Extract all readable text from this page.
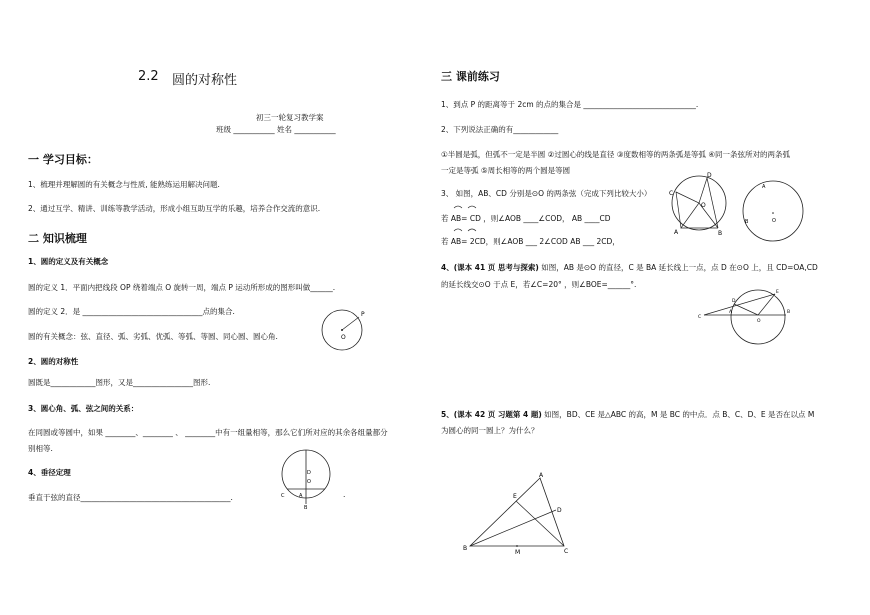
2.2 圆的对称性
初三一轮复习教学案
班级 ___________ 姓名 ___________
一 学习目标：
1、梳理并理解圆的有关概念与性质, 能熟练运用解决问题.
2、通过互学、精讲、训练等教学活动，形成小组互助互学的乐趣，培养合作交流的意识.
二 知识梳理
1、圆的定义及有关概念
圆的定义 1．平面内把线段 OP 绕着端点 O 旋转一周，端点 P 运动所形成的图形叫做______.
圆的定义 2．是 ________________________________点的集合.
圆的有关概念：弦、直径、弧、劣弧、优弧、等弧、等圆、同心圆、圆心角.
2、圆的对称性
圆既是____________图形，又是________________图形.
3、圆心角、弧、弦之间的关系：
在同圆或等圆中，如果 ________、________ 、 ________中有一组量相等，那么它们所对应的其余各组量都分
别相等.
4、垂径定理
垂直于弦的直径________________________________________.	.
P
O
D
C	A
B
O
三 课前练习
1、到点 P 的距离等于 2cm 的点的集合是 ______________________________.
2、下列说法正确的有____________
①半圆是弧，但弧不一定是半圆 ②过圆心的线是直径 ③度数相等的两条弧是等弧 ④同一条弦所对的两条弧
一定是等弧 ⑤周长相等的两个圆是等圆
3、 如图，AB、CD 分别是⊙O 的两条弦（完成下列比较大小）
若 AB= CD ，则∠AOB ____∠COD， AB ____CD
若 AB= 2CD，则∠AOB ___ 2∠COD AB ___ 2CD，
4、(课本 41 页 思考与探索) 如图，AB 是⊙O 的直径，C 是 BA 延长线上一点，点 D 在⊙O 上，且 CD=OA,CD
的延长线交⊙O 于点 E，若∠C=20° ，则∠BOE=______°.
5、(课本 42 页 习题第 4 题) 如图，BD、CE 是△ABC 的高，M 是 BC 的中点．点 B、C、D、E 是否在以点 M
为圆心的同一圆上？为什么？
D
C
A	B
O
A
O
B
E
D
C
A
O
B
A
E
D
B
M	C
